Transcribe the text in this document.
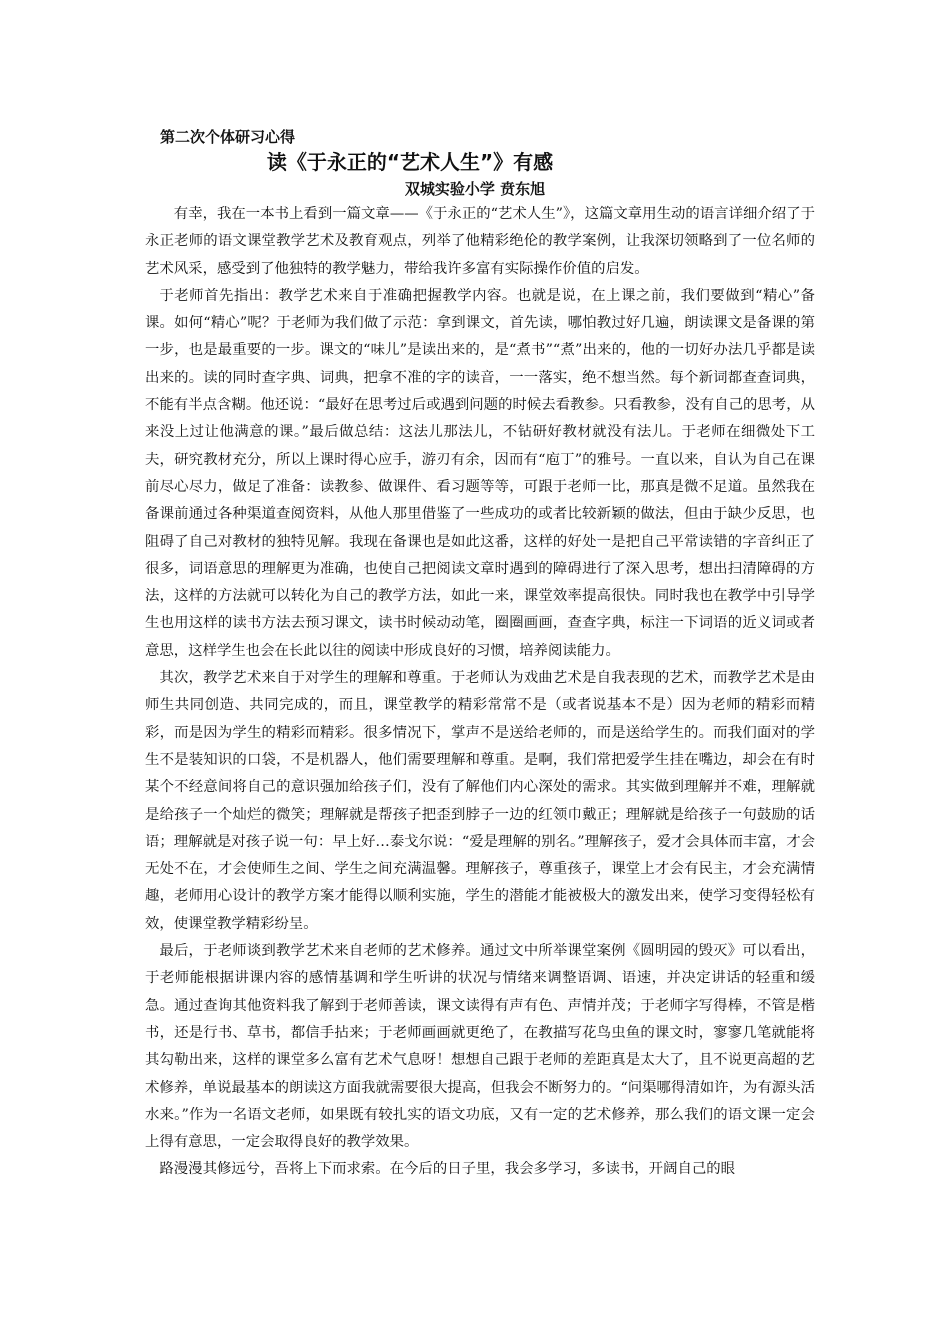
第二次个体研习心得
读《于永正的“艺术人生”》有感
双城实验小学 贲东旭

有幸，我在一本书上看到一篇文章——《于永正的“艺术人生”》，这篇文章用生动的语言详细介绍了于永正老师的语文课堂教学艺术及教育观点，列举了他精彩绝伦的教学案例，让我深切领略到了一位名师的艺术风采，感受到了他独特的教学魅力，带给我许多富有实际操作价值的启发。

于老师首先指出：教学艺术来自于准确把握教学内容。也就是说，在上课之前，我们要做到“精心”备课。如何“精心”呢？于老师为我们做了示范：拿到课文，首先读，哪怕教过好几遍，朗读课文是备课的第一步，也是最重要的一步。课文的“味儿”是读出来的，是“煮书”“煮”出来的，他的一切好办法几乎都是读出来的。读的同时查字典、词典，把拿不准的字的读音，一一落实，绝不想当然。每个新词都查查词典，不能有半点含糊。他还说：“最好在思考过后或遇到问题的时候去看教参。只看教参，没有自己的思考，从来没上过让他满意的课。”最后做总结：这法儿那法儿，不钻研好教材就没有法儿。于老师在细微处下工夫，研究教材充分，所以上课时得心应手，游刃有余，因而有“庖丁”的雅号。一直以来，自认为自己在课前尽心尽力，做足了准备：读教参、做课件、看习题等等，可跟于老师一比，那真是微不足道。虽然我在备课前通过各种渠道查阅资料，从他人那里借鉴了一些成功的或者比较新颖的做法，但由于缺少反思，也阻碍了自己对教材的独特见解。我现在备课也是如此这番，这样的好处一是把自己平常读错的字音纠正了很多，词语意思的理解更为准确，也使自己把阅读文章时遇到的障碍进行了深入思考，想出扫清障碍的方法，这样的方法就可以转化为自己的教学方法，如此一来，课堂效率提高很快。同时我也在教学中引导学生也用这样的读书方法去预习课文，读书时候动动笔，圈圈画画，查查字典，标注一下词语的近义词或者意思，这样学生也会在长此以往的阅读中形成良好的习惯，培养阅读能力。

其次，教学艺术来自于对学生的理解和尊重。于老师认为戏曲艺术是自我表现的艺术，而教学艺术是由师生共同创造、共同完成的，而且，课堂教学的精彩常常不是（或者说基本不是）因为老师的精彩而精彩，而是因为学生的精彩而精彩。很多情况下，掌声不是送给老师的，而是送给学生的。而我们面对的学生不是装知识的口袋，不是机器人，他们需要理解和尊重。是啊，我们常把爱学生挂在嘴边，却会在有时某个不经意间将自己的意识强加给孩子们，没有了解他们内心深处的需求。其实做到理解并不难，理解就是给孩子一个灿烂的微笑；理解就是帮孩子把歪到脖子一边的红领巾戴正；理解就是给孩子一句鼓励的话语；理解就是对孩子说一句：早上好…泰戈尔说：“爱是理解的别名。”理解孩子，爱才会具体而丰富，才会无处不在，才会使师生之间、学生之间充满温馨。理解孩子，尊重孩子，课堂上才会有民主，才会充满情趣，老师用心设计的教学方案才能得以顺利实施，学生的潜能才能被极大的激发出来，使学习变得轻松有效，使课堂教学精彩纷呈。

最后，于老师谈到教学艺术来自老师的艺术修养。通过文中所举课堂案例《圆明园的毁灭》可以看出，于老师能根据讲课内容的感情基调和学生听讲的状况与情绪来调整语调、语速，并决定讲话的轻重和缓急。通过查询其他资料我了解到于老师善读，课文读得有声有色、声情并茂；于老师字写得棒，不管是楷书，还是行书、草书，都信手拈来；于老师画画就更绝了，在教描写花鸟虫鱼的课文时，寥寥几笔就能将其勾勒出来，这样的课堂多么富有艺术气息呀！想想自己跟于老师的差距真是太大了，且不说更高超的艺术修养，单说最基本的朗读这方面我就需要很大提高，但我会不断努力的。“问渠哪得清如许，为有源头活水来。”作为一名语文老师，如果既有较扎实的语文功底，又有一定的艺术修养，那么我们的语文课一定会上得有意思，一定会取得良好的教学效果。

路漫漫其修远兮，吾将上下而求索。在今后的日子里，我会多学习，多读书，开阔自己的眼
